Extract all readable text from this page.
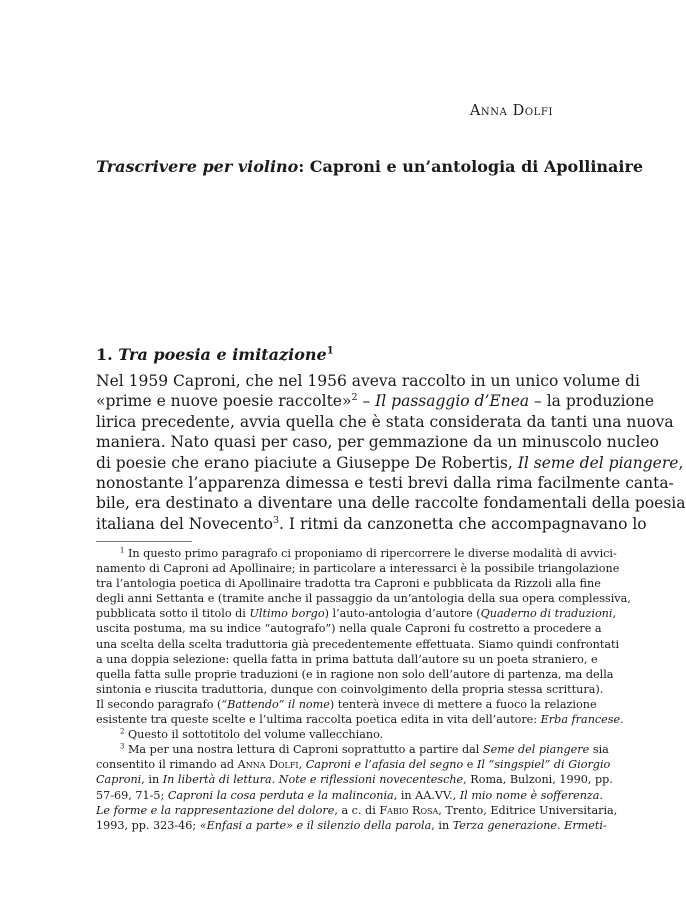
Anna Dolfi
Trascrivere per violino: Caproni e un’antologia di Apollinaire
1. Tra poesia e imitazione$^1$
Nel 1959 Caproni, che nel 1956 aveva raccolto in un unico volume di
«prime e nuove poesie raccolte»$^2$ – Il passaggio d’Enea – la produzione
lirica precedente, avvia quella che è stata considerata da tanti una nuova
maniera. Nato quasi per caso, per gemmazione da un minuscolo nucleo
di poesie che erano piaciute a Giuseppe De Robertis, Il seme del piangere,
nonostante l’apparenza dimessa e testi brevi dalla rima facilmente canta-
bile, era destinato a diventare una delle raccolte fondamentali della poesia
italiana del Novecento$^3$. I ritmi da canzonetta che accompagnavano lo
$^1$ In questo primo paragrafo ci proponiamo di ripercorrere le diverse modalità di avvici-
namento di Caproni ad Apollinaire; in particolare a interessarci è la possibile triangolazione
tra l’antologia poetica di Apollinaire tradotta tra Caproni e pubblicata da Rizzoli alla fine
degli anni Settanta e (tramite anche il passaggio da un’antologia della sua opera complessiva,
pubblicata sotto il titolo di Ultimo borgo) l’auto-antologia d’autore (Quaderno di traduzioni,
uscita postuma, ma su indice “autografo”) nella quale Caproni fu costretto a procedere a
una scelta della scelta traduttoria già precedentemente effettuata. Siamo quindi confrontati
a una doppia selezione: quella fatta in prima battuta dall’autore su un poeta straniero, e
quella fatta sulle proprie traduzioni (e in ragione non solo dell’autore di partenza, ma della
sintonia e riuscita traduttoria, dunque con coinvolgimento della propria stessa scrittura).
Il secondo paragrafo (“Battendo” il nome) tenterà invece di mettere a fuoco la relazione
esistente tra queste scelte e l’ultima raccolta poetica edita in vita dell’autore: Erba francese.
$^2$ Questo il sottotitolo del volume vallecchiano.
$^3$ Ma per una nostra lettura di Caproni soprattutto a partire dal Seme del piangere sia
consentito il rimando ad Anna Dolfi, Caproni e l’afasia del segno e Il “singspiel” di Giorgio
Caproni, in In libertà di lettura. Note e riflessioni novecentesche, Roma, Bulzoni, 1990, pp.
57-69, 71-5; Caproni la cosa perduta e la malinconia, in AA.VV., Il mio nome è sofferenza.
Le forme e la rappresentazione del dolore, a c. di Fabio Rosa, Trento, Editrice Universitaria,
1993, pp. 323-46; «Enfasi a parte» e il silenzio della parola, in Terza generazione. Ermeti-
